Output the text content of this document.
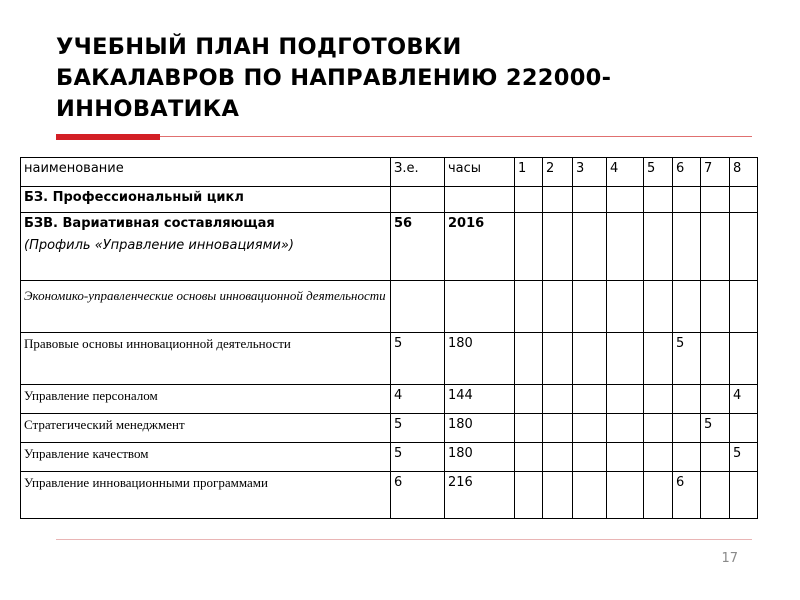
УЧЕБНЫЙ ПЛАН ПОДГОТОВКИ
БАКАЛАВРОВ ПО НАПРАВЛЕНИЮ 222000-
ИННОВАТИКА
наименование	З.е.	часы	1	2	3	4	5	6	7	8
БЗ. Профессиональный цикл										

БЗВ. Вариативная составляющая
(Профиль «Управление инновациями»)	56	2016								
Экономико-управленческие основы инновационной деятельности										
Правовые основы инновационной деятельности	5	180						5		
Управление персоналом	4	144								4
Стратегический менеджмент	5	180							5	
Управление качеством	5	180								5
Управление инновационными программами	6	216						6		
17
